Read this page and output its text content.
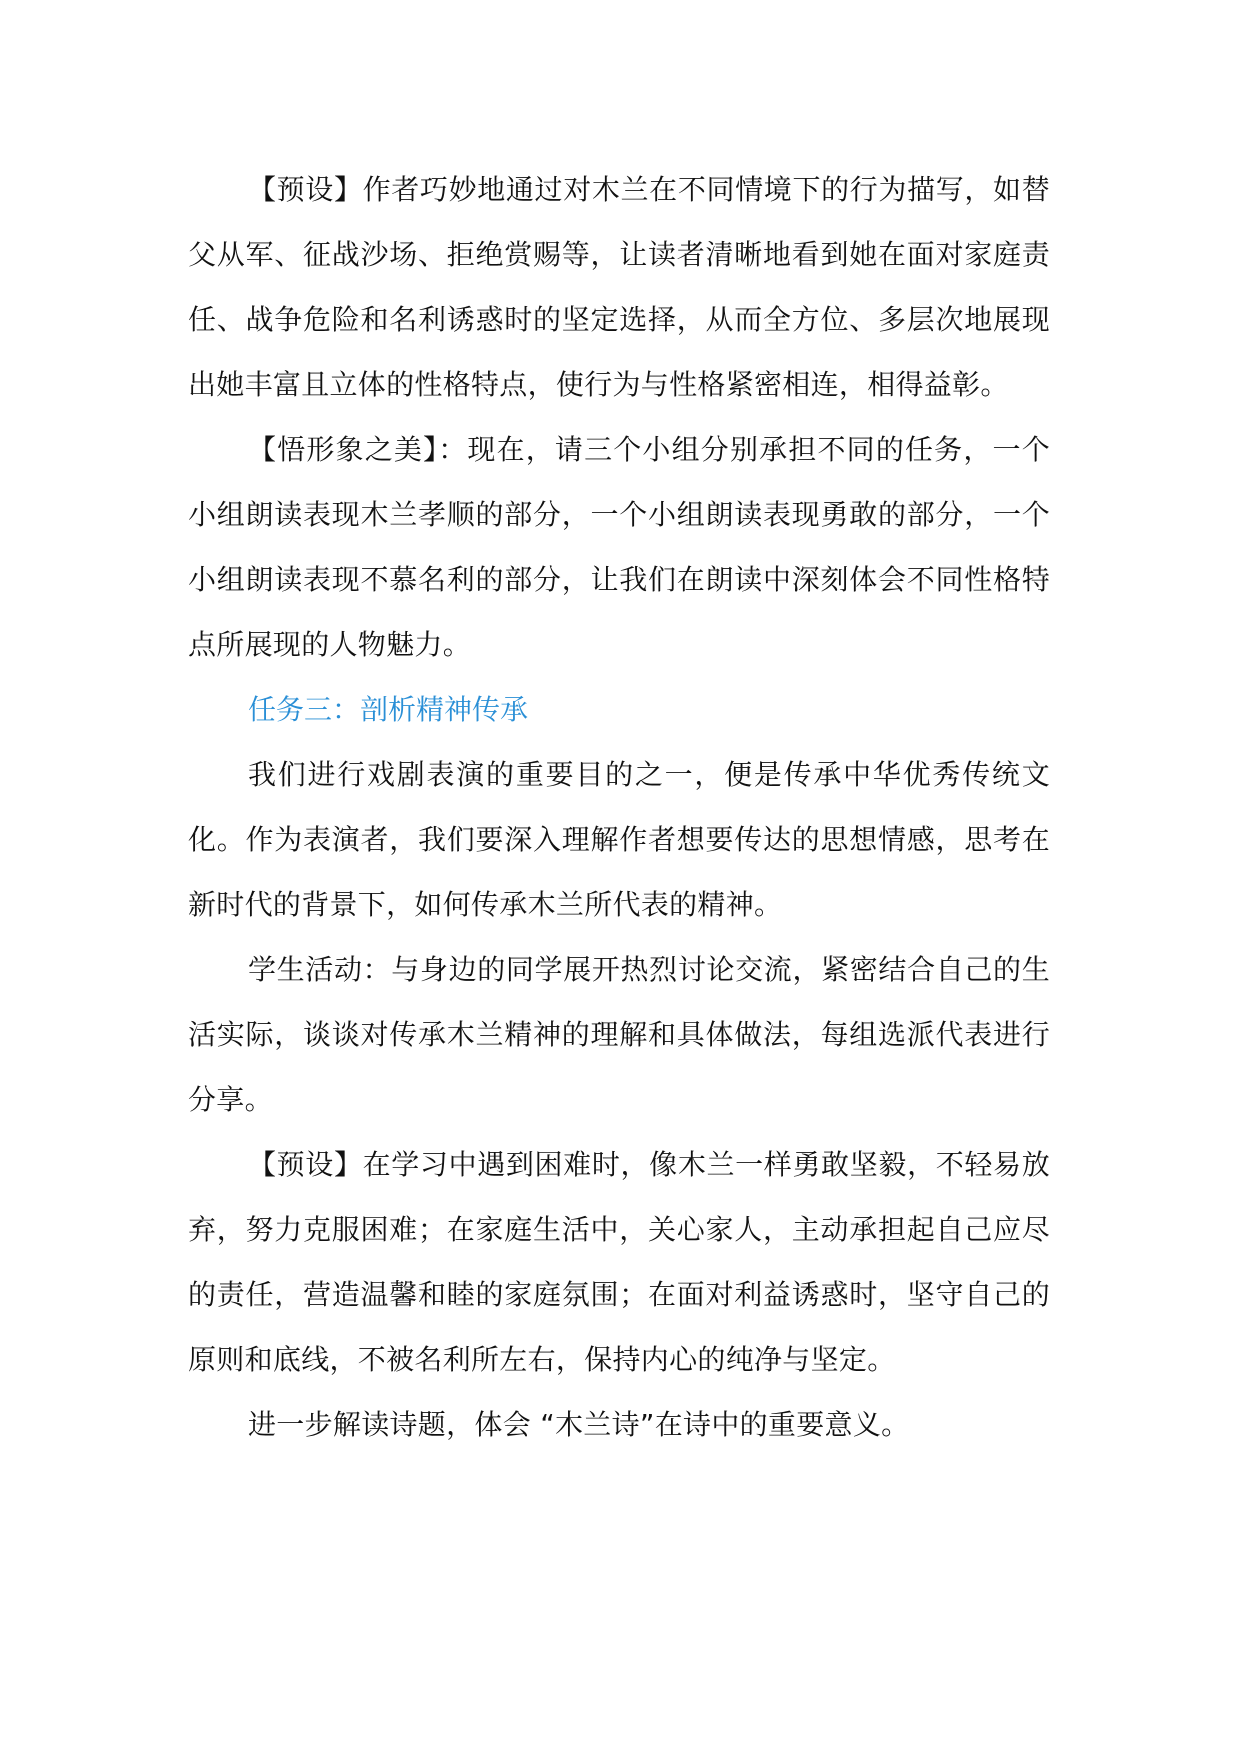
【预设】作者巧妙地通过对木兰在不同情境下的行为描写，如替父从军、征战沙场、拒绝赏赐等，让读者清晰地看到她在面对家庭责任、战争危险和名利诱惑时的坚定选择，从而全方位、多层次地展现出她丰富且立体的性格特点，使行为与性格紧密相连，相得益彰。

【悟形象之美】：现在，请三个小组分别承担不同的任务，一个小组朗读表现木兰孝顺的部分，一个小组朗读表现勇敢的部分，一个小组朗读表现不慕名利的部分，让我们在朗读中深刻体会不同性格特点所展现的人物魅力。

任务三：剖析精神传承

我们进行戏剧表演的重要目的之一，便是传承中华优秀传统文化。作为表演者，我们要深入理解作者想要传达的思想情感，思考在新时代的背景下，如何传承木兰所代表的精神。

学生活动：与身边的同学展开热烈讨论交流，紧密结合自己的生活实际，谈谈对传承木兰精神的理解和具体做法，每组选派代表进行分享。

【预设】在学习中遇到困难时，像木兰一样勇敢坚毅，不轻易放弃，努力克服困难；在家庭生活中，关心家人，主动承担起自己应尽的责任，营造温馨和睦的家庭氛围；在面对利益诱惑时，坚守自己的原则和底线，不被名利所左右，保持内心的纯净与坚定。

进一步解读诗题，体会 “木兰诗”在诗中的重要意义。
